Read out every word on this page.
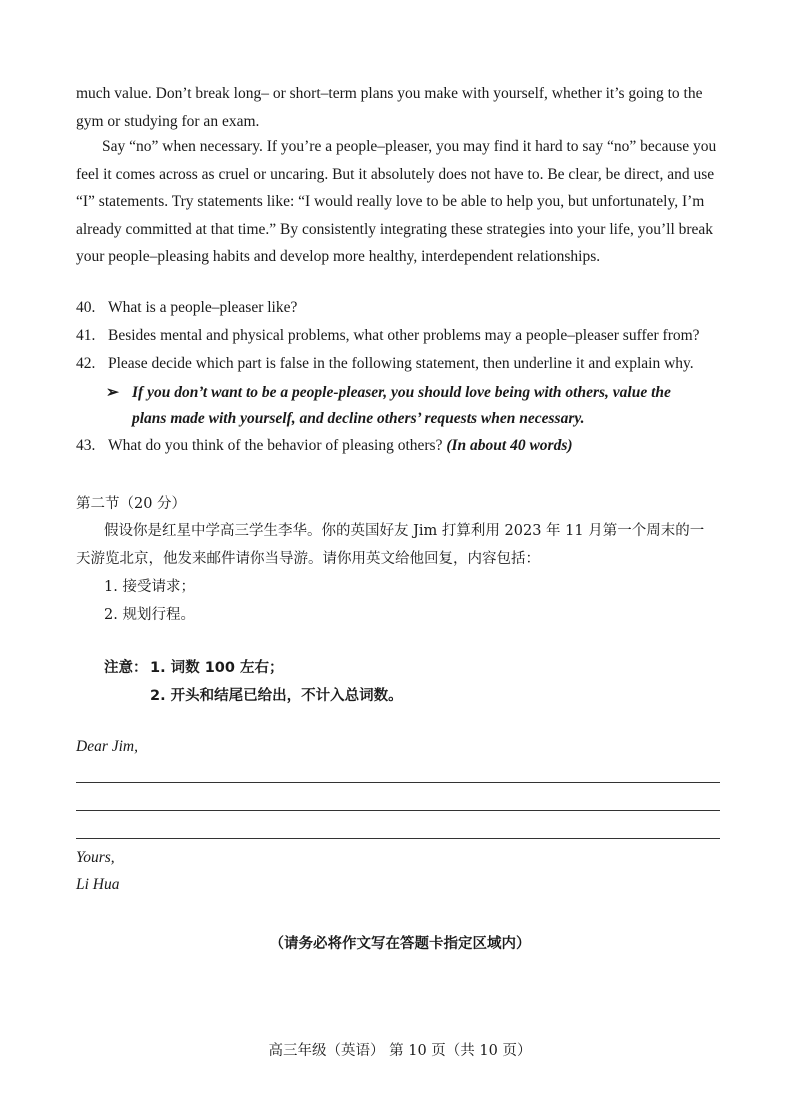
much value. Don’t break long– or short–term plans you make with yourself, whether it’s going to the
gym or studying for an exam.
Say “no” when necessary. If you’re a people–pleaser, you may find it hard to say “no” because you
feel it comes across as cruel or uncaring. But it absolutely does not have to. Be clear, be direct, and use
“I” statements. Try statements like: “I would really love to be able to help you, but unfortunately, I’m
already committed at that time.” By consistently integrating these strategies into your life, you’ll break
your people–pleasing habits and develop more healthy, interdependent relationships.
40. What is a people–pleaser like?
41. Besides mental and physical problems, what other problems may a people–pleaser suffer from?
42. Please decide which part is false in the following statement, then underline it and explain why.
➢ If you don’t want to be a people-pleaser, you should love being with others, value the
plans made with yourself, and decline others’ requests when necessary.
43. What do you think of the behavior of pleasing others? (In about 40 words)
第二节（20 分）
假设你是红星中学高三学生李华。你的英国好友 Jim 打算利用 2023 年 11 月第一个周末的一
天游览北京，他发来邮件请你当导游。请你用英文给他回复，内容包括：
1. 接受请求；
2. 规划行程。
注意： 1. 词数 100 左右；
2. 开头和结尾已给出，不计入总词数。
Dear Jim,
Yours,
Li Hua
（请务必将作文写在答题卡指定区域内）
高三年级（英语） 第 10 页（共 10 页）
